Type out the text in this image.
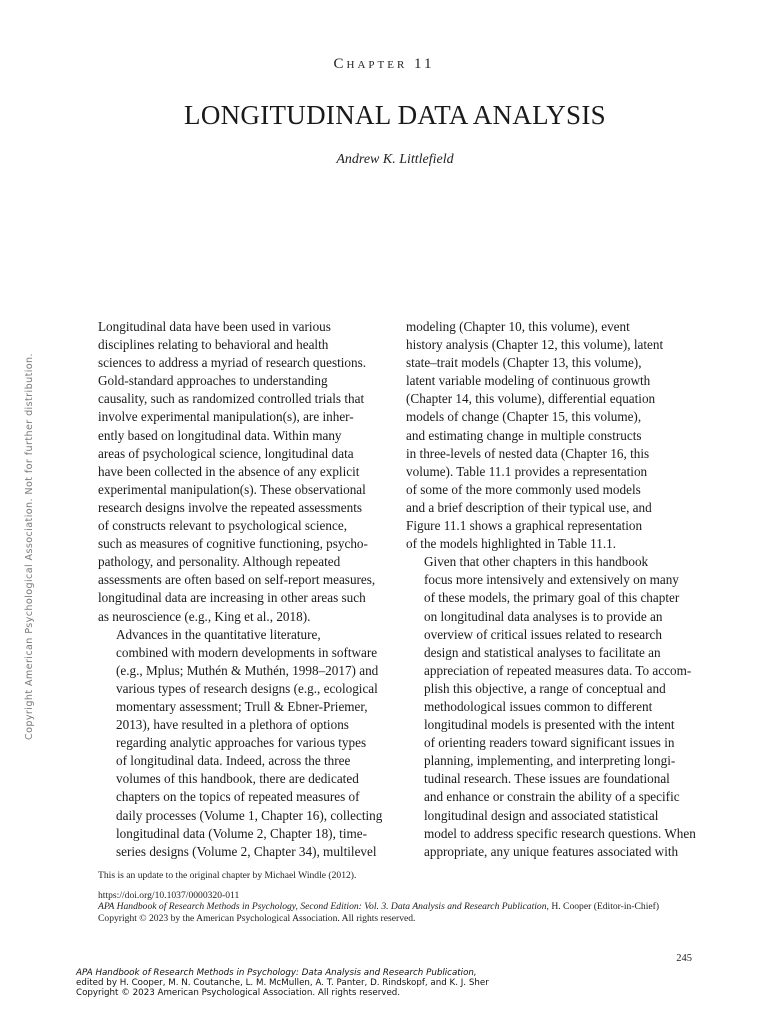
Chapter 11
LONGITUDINAL DATA ANALYSIS
Andrew K. Littlefield
Copyright American Psychological Association. Not for further distribution.

Longitudinal data have been used in various
disciplines relating to behavioral and health
sciences to address a myriad of research questions.
Gold-standard approaches to understanding
causality, such as randomized controlled trials that
involve experimental manipulation(s), are inher-
ently based on longitudinal data. Within many
areas of psychological science, longitudinal data
have been collected in the absence of any explicit
experimental manipulation(s). These observational
research designs involve the repeated assessments
of constructs relevant to psychological science,
such as measures of cognitive functioning, psycho-
pathology, and personality. Although repeated
assessments are often based on self-report measures,
longitudinal data are increasing in other areas such
as neuroscience (e.g., King et al., 2018).

Advances in the quantitative literature,
combined with modern developments in software
(e.g., Mplus; Muthén & Muthén, 1998–2017) and
various types of research designs (e.g., ecological
momentary assessment; Trull & Ebner-Priemer,
2013), have resulted in a plethora of options
regarding analytic approaches for various types
of longitudinal data. Indeed, across the three
volumes of this handbook, there are dedicated
chapters on the topics of repeated measures of
daily processes (Volume 1, Chapter 16), collecting
longitudinal data (Volume 2, Chapter 18), time-
series designs (Volume 2, Chapter 34), multilevel

modeling (Chapter 10, this volume), event
history analysis (Chapter 12, this volume), latent
state–trait models (Chapter 13, this volume),
latent variable modeling of continuous growth
(Chapter 14, this volume), differential equation
models of change (Chapter 15, this volume),
and estimating change in multiple constructs
in three-levels of nested data (Chapter 16, this
volume). Table 11.1 provides a representation
of some of the more commonly used models
and a brief description of their typical use, and
Figure 11.1 shows a graphical representation
of the models highlighted in Table 11.1.

Given that other chapters in this handbook
focus more intensively and extensively on many
of these models, the primary goal of this chapter
on longitudinal data analyses is to provide an
overview of critical issues related to research
design and statistical analyses to facilitate an
appreciation of repeated measures data. To accom-
plish this objective, a range of conceptual and
methodological issues common to different
longitudinal models is presented with the intent
of orienting readers toward significant issues in
planning, implementing, and interpreting longi-
tudinal research. These issues are foundational
and enhance or constrain the ability of a specific
longitudinal design and associated statistical
model to address specific research questions. When
appropriate, any unique features associated with

This is an update to the original chapter by Michael Windle (2012).
https://doi.org/10.1037/0000320-011
APA Handbook of Research Methods in Psychology, Second Edition: Vol. 3. Data Analysis and Research Publication, H. Cooper (Editor-in-Chief)
Copyright © 2023 by the American Psychological Association. All rights reserved.
245
APA Handbook of Research Methods in Psychology: Data Analysis and Research Publication,
edited by H. Cooper, M. N. Coutanche, L. M. McMullen, A. T. Panter, D. Rindskopf, and K. J. Sher
Copyright © 2023 American Psychological Association. All rights reserved.
